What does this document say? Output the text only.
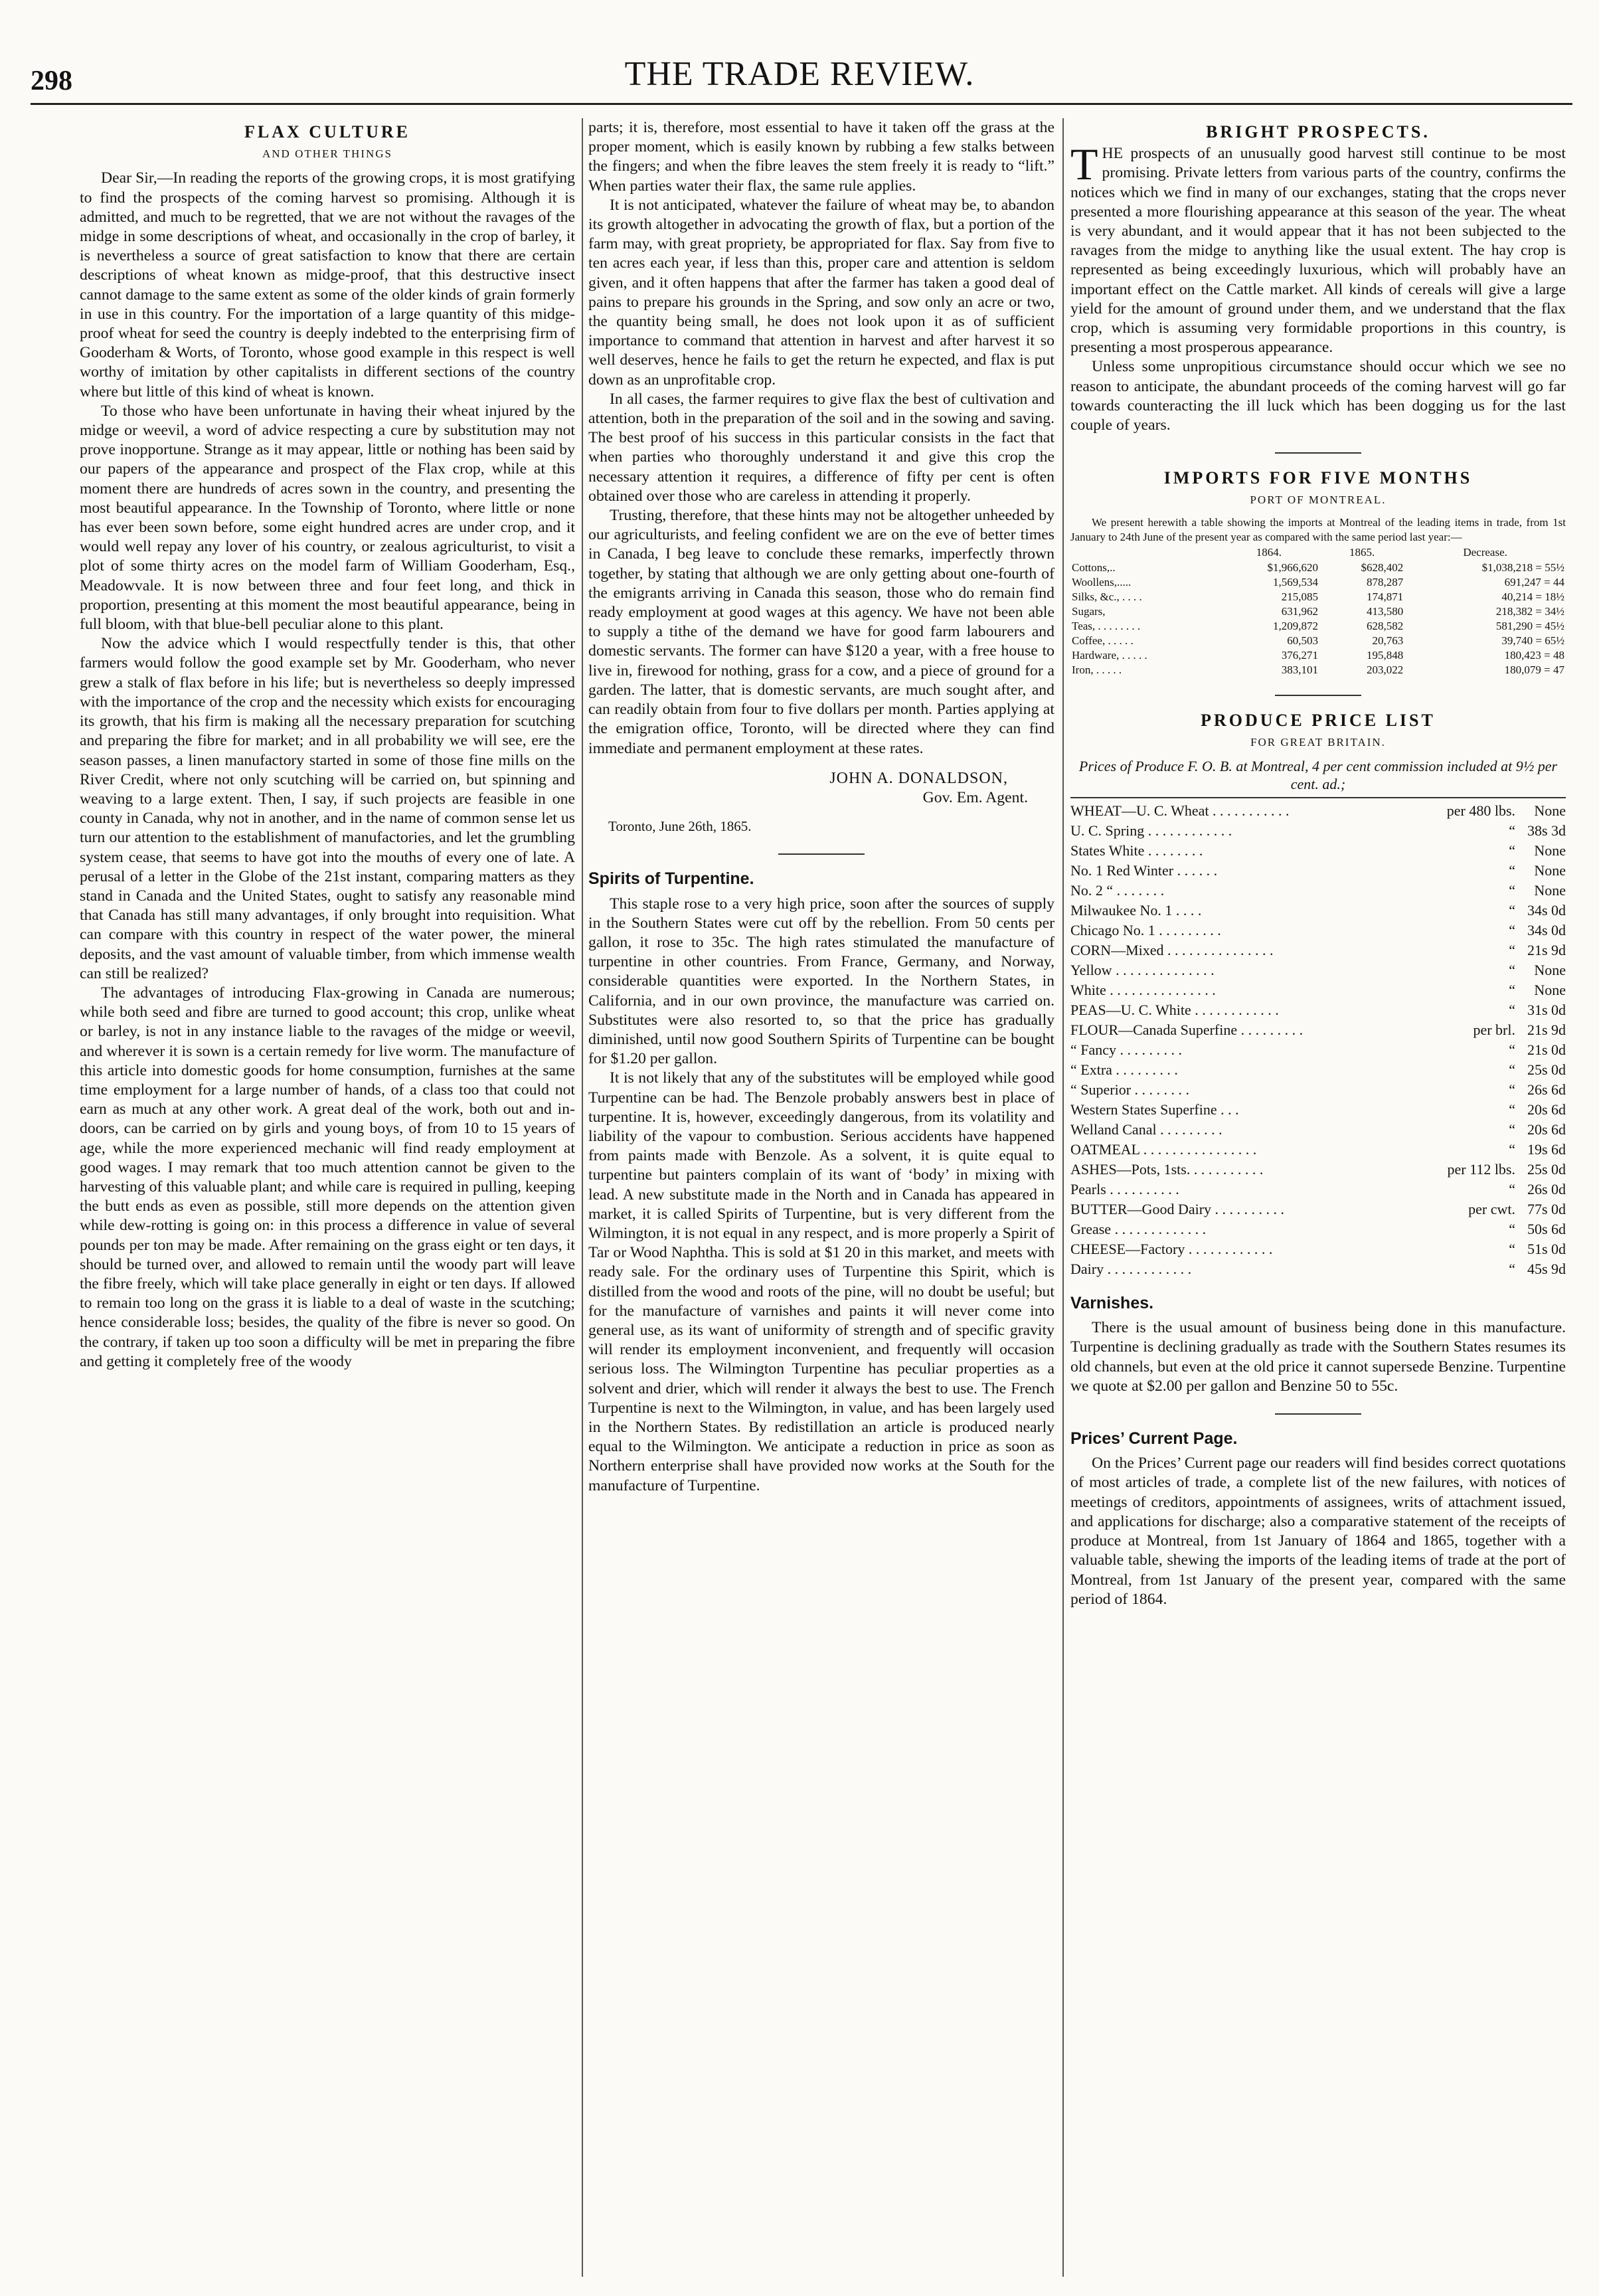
298	THE TRADE REVIEW.
FLAX CULTURE
AND OTHER THINGS

Dear Sir,—In reading the reports of the growing crops, it is most gratifying to find the prospects of the coming harvest so promising. Although it is admitted, and much to be regretted, that we are not without the ravages of the midge in some descriptions of wheat, and occasionally in the crop of barley, it is nevertheless a source of great satisfaction to know that there are certain descriptions of wheat known as midge-proof, that this destructive insect cannot damage to the same extent as some of the older kinds of grain formerly in use in this country. For the importation of a large quantity of this midge-proof wheat for seed the country is deeply indebted to the enterprising firm of Gooderham & Worts, of Toronto, whose good example in this respect is well worthy of imitation by other capitalists in different sections of the country where but little of this kind of wheat is known.

To those who have been unfortunate in having their wheat injured by the midge or weevil, a word of advice respecting a cure by substitution may not prove inopportune. Strange as it may appear, little or nothing has been said by our papers of the appearance and prospect of the Flax crop, while at this moment there are hundreds of acres sown in the country, and presenting the most beautiful appearance. In the Township of Toronto, where little or none has ever been sown before, some eight hundred acres are under crop, and it would well repay any lover of his country, or zealous agriculturist, to visit a plot of some thirty acres on the model farm of William Gooderham, Esq., Meadowvale. It is now between three and four feet long, and thick in proportion, presenting at this moment the most beautiful appearance, being in full bloom, with that blue-bell peculiar alone to this plant.

Now the advice which I would respectfully tender is this, that other farmers would follow the good example set by Mr. Gooderham, who never grew a stalk of flax before in his life; but is nevertheless so deeply impressed with the importance of the crop and the necessity which exists for encouraging its growth, that his firm is making all the necessary preparation for scutching and preparing the fibre for market; and in all probability we will see, ere the season passes, a linen manufactory started in some of those fine mills on the River Credit, where not only scutching will be carried on, but spinning and weaving to a large extent. Then, I say, if such projects are feasible in one county in Canada, why not in another, and in the name of common sense let us turn our attention to the establishment of manufactories, and let the grumbling system cease, that seems to have got into the mouths of every one of late. A perusal of a letter in the Globe of the 21st instant, comparing matters as they stand in Canada and the United States, ought to satisfy any reasonable mind that Canada has still many advantages, if only brought into requisition. What can compare with this country in respect of the water power, the mineral deposits, and the vast amount of valuable timber, from which immense wealth can still be realized?

The advantages of introducing Flax-growing in Canada are numerous; while both seed and fibre are turned to good account; this crop, unlike wheat or barley, is not in any instance liable to the ravages of the midge or weevil, and wherever it is sown is a certain remedy for live worm. The manufacture of this article into domestic goods for home consumption, furnishes at the same time employment for a large number of hands, of a class too that could not earn as much at any other work. A great deal of the work, both out and in-doors, can be carried on by girls and young boys, of from 10 to 15 years of age, while the more experienced mechanic will find ready employment at good wages. I may remark that too much attention cannot be given to the harvesting of this valuable plant; and while care is required in pulling, keeping the butt ends as even as possible, still more depends on the attention given while dew-rotting is going on: in this process a difference in value of several pounds per ton may be made. After remaining on the grass eight or ten days, it should be turned over, and allowed to remain until the woody part will leave the fibre freely, which will take place generally in eight or ten days. If allowed to remain too long on the grass it is liable to a deal of waste in the scutching; hence considerable loss; besides, the quality of the fibre is never so good. On the contrary, if taken up too soon a difficulty will be met in preparing the fibre and getting it completely free of the woody

parts; it is, therefore, most essential to have it taken off the grass at the proper moment, which is easily known by rubbing a few stalks between the fingers; and when the fibre leaves the stem freely it is ready to “lift.” When parties water their flax, the same rule applies.

It is not anticipated, whatever the failure of wheat may be, to abandon its growth altogether in advocating the growth of flax, but a portion of the farm may, with great propriety, be appropriated for flax. Say from five to ten acres each year, if less than this, proper care and attention is seldom given, and it often happens that after the farmer has taken a good deal of pains to prepare his grounds in the Spring, and sow only an acre or two, the quantity being small, he does not look upon it as of sufficient importance to command that attention in harvest and after harvest it so well deserves, hence he fails to get the return he expected, and flax is put down as an unprofitable crop.

In all cases, the farmer requires to give flax the best of cultivation and attention, both in the preparation of the soil and in the sowing and saving. The best proof of his success in this particular consists in the fact that when parties who thoroughly understand it and give this crop the necessary attention it requires, a difference of fifty per cent is often obtained over those who are careless in attending it properly.

Trusting, therefore, that these hints may not be altogether unheeded by our agriculturists, and feeling confident we are on the eve of better times in Canada, I beg leave to conclude these remarks, imperfectly thrown together, by stating that although we are only getting about one-fourth of the emigrants arriving in Canada this season, those who do remain find ready employment at good wages at this agency. We have not been able to supply a tithe of the demand we have for good farm labourers and domestic servants. The former can have $120 a year, with a free house to live in, firewood for nothing, grass for a cow, and a piece of ground for a garden. The latter, that is domestic servants, are much sought after, and can readily obtain from four to five dollars per month. Parties applying at the emigration office, Toronto, will be directed where they can find immediate and permanent employment at these rates.

JOHN A. DONALDSON,
Gov. Em. Agent.
Toronto, June 26th, 1865.
Spirits of Turpentine.

This staple rose to a very high price, soon after the sources of supply in the Southern States were cut off by the rebellion. From 50 cents per gallon, it rose to 35c. The high rates stimulated the manufacture of turpentine in other countries. From France, Germany, and Norway, considerable quantities were exported. In the Northern States, in California, and in our own province, the manufacture was carried on. Substitutes were also resorted to, so that the price has gradually diminished, until now good Southern Spirits of Turpentine can be bought for $1.20 per gallon.

It is not likely that any of the substitutes will be employed while good Turpentine can be had. The Benzole probably answers best in place of turpentine. It is, however, exceedingly dangerous, from its volatility and liability of the vapour to combustion. Serious accidents have happened from paints made with Benzole. As a solvent, it is quite equal to turpentine but painters complain of its want of ‘body’ in mixing with lead. A new substitute made in the North and in Canada has appeared in market, it is called Spirits of Turpentine, but is very different from the Wilmington, it is not equal in any respect, and is more properly a Spirit of Tar or Wood Naphtha. This is sold at $1 20 in this market, and meets with ready sale. For the ordinary uses of Turpentine this Spirit, which is distilled from the wood and roots of the pine, will no doubt be useful; but for the manufacture of varnishes and paints it will never come into general use, as its want of uniformity of strength and of specific gravity will render its employment inconvenient, and frequently will occasion serious loss. The Wilmington Turpentine has peculiar properties as a solvent and drier, which will render it always the best to use. The French Turpentine is next to the Wilmington, in value, and has been largely used in the Northern States. By redistillation an article is produced nearly equal to the Wilmington. We anticipate a reduction in price as soon as Northern enterprise shall have provided now works at the South for the manufacture of Turpentine.

BRIGHT PROSPECTS.

THE prospects of an unusually good harvest still continue to be most promising. Private letters from various parts of the country, confirms the notices which we find in many of our exchanges, stating that the crops never presented a more flourishing appearance at this season of the year. The wheat is very abundant, and it would appear that it has not been subjected to the ravages from the midge to anything like the usual extent. The hay crop is represented as being exceedingly luxurious, which will probably have an important effect on the Cattle market. All kinds of cereals will give a large yield for the amount of ground under them, and we understand that the flax crop, which is assuming very formidable proportions in this country, is presenting a most prosperous appearance.

Unless some unpropitious circumstance should occur which we see no reason to anticipate, the abundant proceeds of the coming harvest will go far towards counteracting the ill luck which has been dogging us for the last couple of years.

IMPORTS FOR FIVE MONTHS
PORT OF MONTREAL.

We present herewith a table showing the imports at Montreal of the leading items in trade, from 1st January to 24th June of the present year as compared with the same period last year:—

	1864.	1865.	Decrease.
Cottons,..	$1,966,620	$628,402	$1,038,218 = 55½
Woollens,.....	1,569,534	878,287	691,247 = 44
Silks, &c., . . . .	215,085	174,871	40,214 = 18½
Sugars,	631,962	413,580	218,382 = 34½
Teas, . . . . . . . .	1,209,872	628,582	581,290 = 45½
Coffee, . . . . .	60,503	20,763	39,740 = 65½
Hardware, . . . . .	376,271	195,848	180,423 = 48
Iron, . . . . .	383,101	203,022	180,079 = 47
PRODUCE PRICE LIST
FOR GREAT BRITAIN.
Prices of Produce F. O. B. at Montreal, 4 per cent commission included at 9½ per cent. ad.;
WHEAT—U. C. Wheat . . . . . . . . . . .	per 480 lbs.	None
U. C. Spring . . . . . . . . . . . .	“	38s 3d
States White . . . . . . . .	“	None
No. 1 Red Winter . . . . . .	“	None
No. 2 “ . . . . . . .	“	None
Milwaukee No. 1 . . . .	“	34s 0d
Chicago No. 1 . . . . . . . . .	“	34s 0d
CORN—Mixed . . . . . . . . . . . . . . .	“	21s 9d
Yellow . . . . . . . . . . . . . .	“	None
White . . . . . . . . . . . . . . .	“	None
PEAS—U. C. White . . . . . . . . . . . .	“	31s 0d
FLOUR—Canada Superfine . . . . . . . . .	per brl.	21s 9d
“ Fancy . . . . . . . . .	“	21s 0d
“ Extra . . . . . . . . .	“	25s 0d
“ Superior . . . . . . . .	“	26s 6d
Western States Superfine . . .	“	20s 6d
Welland Canal . . . . . . . . .	“	20s 6d
OATMEAL . . . . . . . . . . . . . . . .	“	19s 6d
ASHES—Pots, 1sts. . . . . . . . . . .	per 112 lbs.	25s 0d
Pearls . . . . . . . . . .	“	26s 0d
BUTTER—Good Dairy . . . . . . . . . .	per cwt.	77s 0d
Grease . . . . . . . . . . . . .	“	50s 6d
CHEESE—Factory . . . . . . . . . . . .	“	51s 0d
Dairy . . . . . . . . . . . .	“	45s 9d
Varnishes.

There is the usual amount of business being done in this manufacture. Turpentine is declining gradually as trade with the Southern States resumes its old channels, but even at the old price it cannot supersede Benzine. Turpentine we quote at $2.00 per gallon and Benzine 50 to 55c.

Prices’ Current Page.

On the Prices’ Current page our readers will find besides correct quotations of most articles of trade, a complete list of the new failures, with notices of meetings of creditors, appointments of assignees, writs of attachment issued, and applications for discharge; also a comparative statement of the receipts of produce at Montreal, from 1st January of 1864 and 1865, together with a valuable table, shewing the imports of the leading items of trade at the port of Montreal, from 1st January of the present year, compared with the same period of 1864.
